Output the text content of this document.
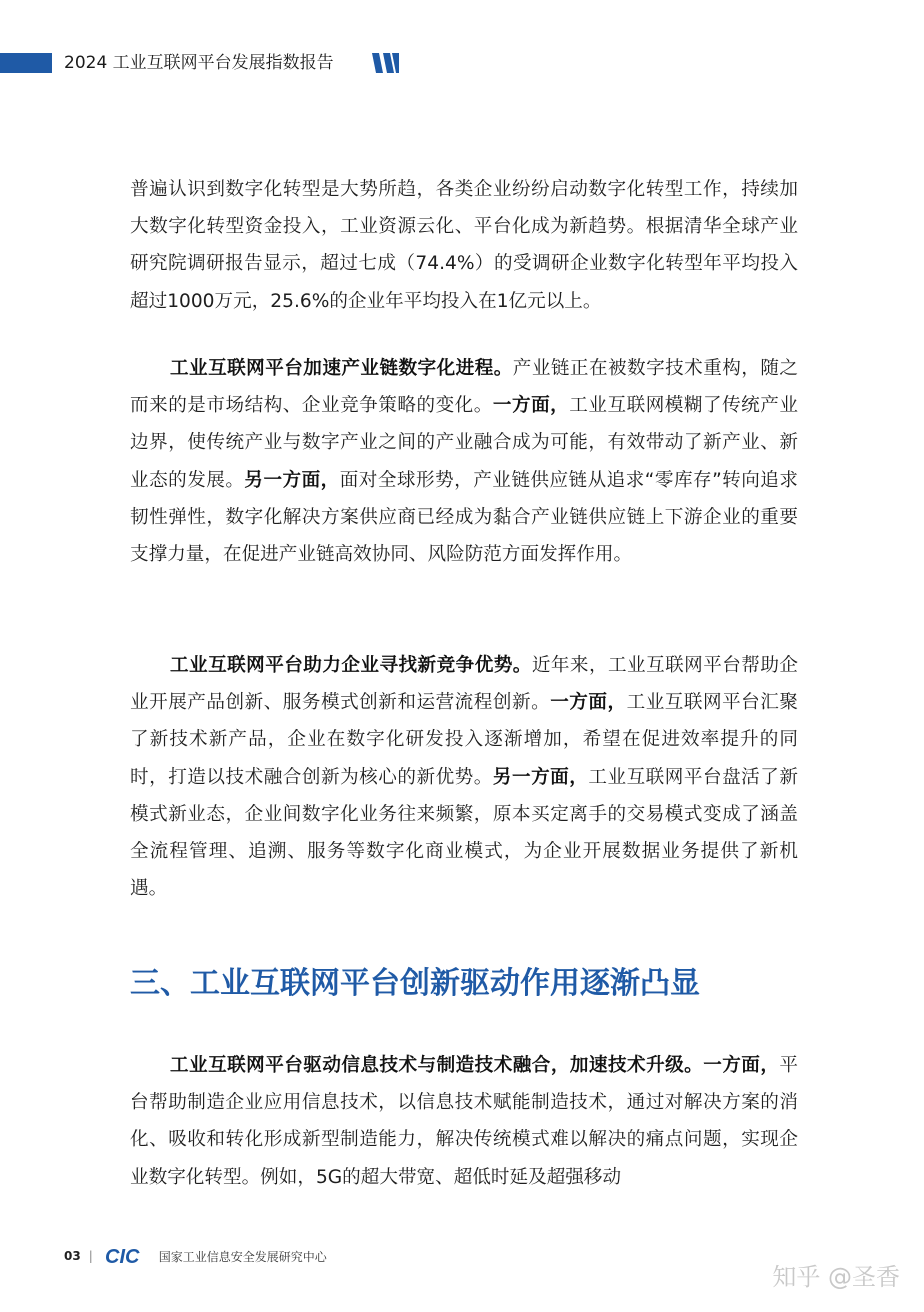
2024 工业互联网平台发展指数报告

普遍认识到数字化转型是大势所趋，各类企业纷纷启动数字化转型工作，持续加大数字化转型资金投入，工业资源云化、平台化成为新趋势。根据清华全球产业研究院调研报告显示，超过七成（74.4%）的受调研企业数字化转型年平均投入超过1000万元，25.6%的企业年平均投入在1亿元以上。

工业互联网平台加速产业链数字化进程。产业链正在被数字技术重构，随之而来的是市场结构、企业竞争策略的变化。一方面，工业互联网模糊了传统产业边界，使传统产业与数字产业之间的产业融合成为可能，有效带动了新产业、新业态的发展。另一方面，面对全球形势，产业链供应链从追求“零库存”转向追求韧性弹性，数字化解决方案供应商已经成为黏合产业链供应链上下游企业的重要支撑力量，在促进产业链高效协同、风险防范方面发挥作用。

工业互联网平台助力企业寻找新竞争优势。近年来，工业互联网平台帮助企业开展产品创新、服务模式创新和运营流程创新。一方面，工业互联网平台汇聚了新技术新产品，企业在数字化研发投入逐渐增加，希望在促进效率提升的同时，打造以技术融合创新为核心的新优势。另一方面，工业互联网平台盘活了新模式新业态，企业间数字化业务往来频繁，原本买定离手的交易模式变成了涵盖全流程管理、追溯、服务等数字化商业模式，为企业开展数据业务提供了新机遇。

三、工业互联网平台创新驱动作用逐渐凸显

工业互联网平台驱动信息技术与制造技术融合，加速技术升级。一方面，平台帮助制造企业应用信息技术，以信息技术赋能制造技术，通过对解决方案的消化、吸收和转化形成新型制造能力，解决传统模式难以解决的痛点问题，实现企业数字化转型。例如，5G的超大带宽、超低时延及超强移动

03 | CIC 国家工业信息安全发展研究中心
知乎 @圣香
